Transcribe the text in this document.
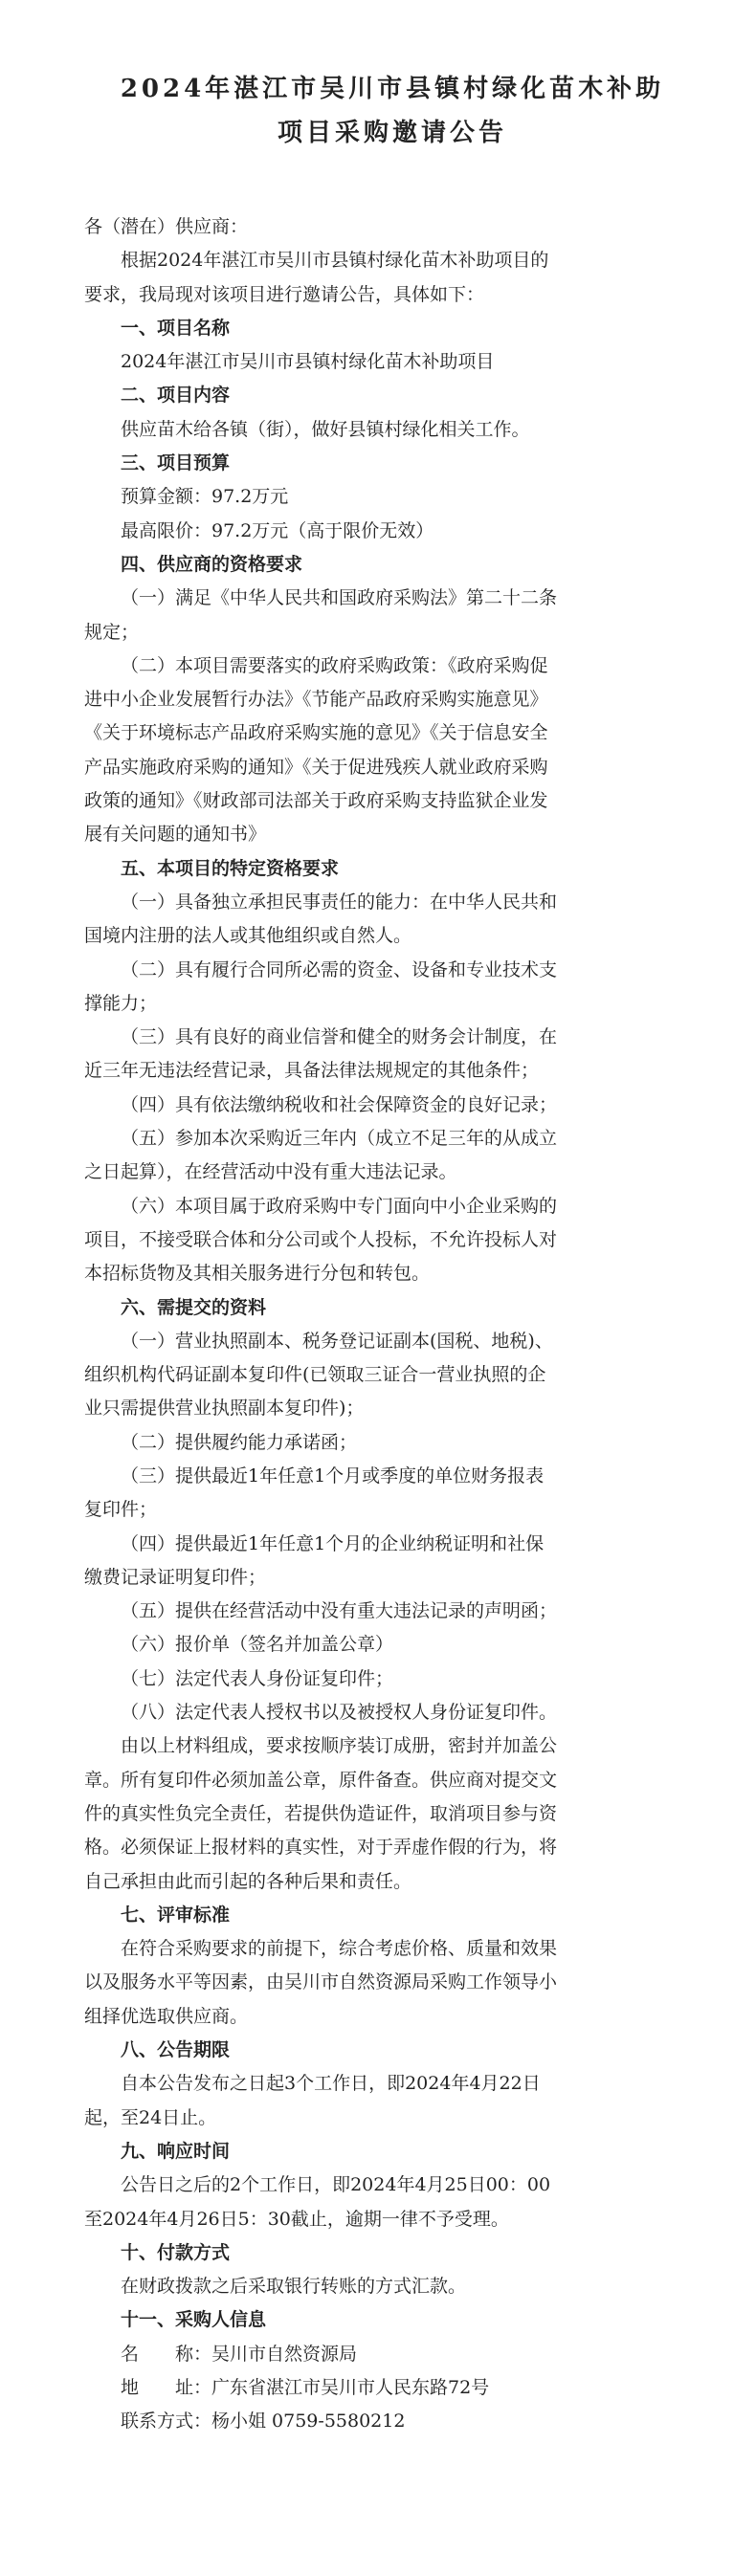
2024年湛江市吴川市县镇村绿化苗木补助
项目采购邀请公告
各（潜在）供应商：
根据2024年湛江市吴川市县镇村绿化苗木补助项目的
要求，我局现对该项目进行邀请公告，具体如下：
一、项目名称
2024年湛江市吴川市县镇村绿化苗木补助项目
二、项目内容
供应苗木给各镇（街），做好县镇村绿化相关工作。
三、项目预算
预算金额：97.2万元
最高限价：97.2万元（高于限价无效）
四、供应商的资格要求
（一）满足《中华人民共和国政府采购法》第二十二条
规定；
（二）本项目需要落实的政府采购政策：《政府采购促
进中小企业发展暂行办法》《节能产品政府采购实施意见》
《关于环境标志产品政府采购实施的意见》《关于信息安全
产品实施政府采购的通知》《关于促进残疾人就业政府采购
政策的通知》《财政部司法部关于政府采购支持监狱企业发
展有关问题的通知书》
五、本项目的特定资格要求
（一）具备独立承担民事责任的能力：在中华人民共和
国境内注册的法人或其他组织或自然人。
（二）具有履行合同所必需的资金、设备和专业技术支
撑能力；
（三）具有良好的商业信誉和健全的财务会计制度，在
近三年无违法经营记录，具备法律法规规定的其他条件；
（四）具有依法缴纳税收和社会保障资金的良好记录；
（五）参加本次采购近三年内（成立不足三年的从成立
之日起算），在经营活动中没有重大违法记录。
（六）本项目属于政府采购中专门面向中小企业采购的
项目，不接受联合体和分公司或个人投标，不允许投标人对
本招标货物及其相关服务进行分包和转包。
六、需提交的资料
（一）营业执照副本、税务登记证副本(国税、地税)、
组织机构代码证副本复印件(已领取三证合一营业执照的企
业只需提供营业执照副本复印件)；
（二）提供履约能力承诺函；
（三）提供最近1年任意1个月或季度的单位财务报表
复印件；
（四）提供最近1年任意1个月的企业纳税证明和社保
缴费记录证明复印件；
（五）提供在经营活动中没有重大违法记录的声明函；
（六）报价单（签名并加盖公章）
（七）法定代表人身份证复印件；
（八）法定代表人授权书以及被授权人身份证复印件。
由以上材料组成，要求按顺序装订成册，密封并加盖公
章。所有复印件必须加盖公章，原件备查。供应商对提交文
件的真实性负完全责任，若提供伪造证件，取消项目参与资
格。必须保证上报材料的真实性，对于弄虚作假的行为，将
自己承担由此而引起的各种后果和责任。
七、评审标准
在符合采购要求的前提下，综合考虑价格、质量和效果
以及服务水平等因素，由吴川市自然资源局采购工作领导小
组择优选取供应商。
八、公告期限
自本公告发布之日起3个工作日，即2024年4月22日
起，至24日止。
九、响应时间
公告日之后的2个工作日，即2024年4月25日00：00
至2024年4月26日5：30截止，逾期一律不予受理。
十、付款方式
在财政拨款之后采取银行转账的方式汇款。
十一、采购人信息
名　　称：吴川市自然资源局
地　　址：广东省湛江市吴川市人民东路72号
联系方式：杨小姐 0759-5580212
